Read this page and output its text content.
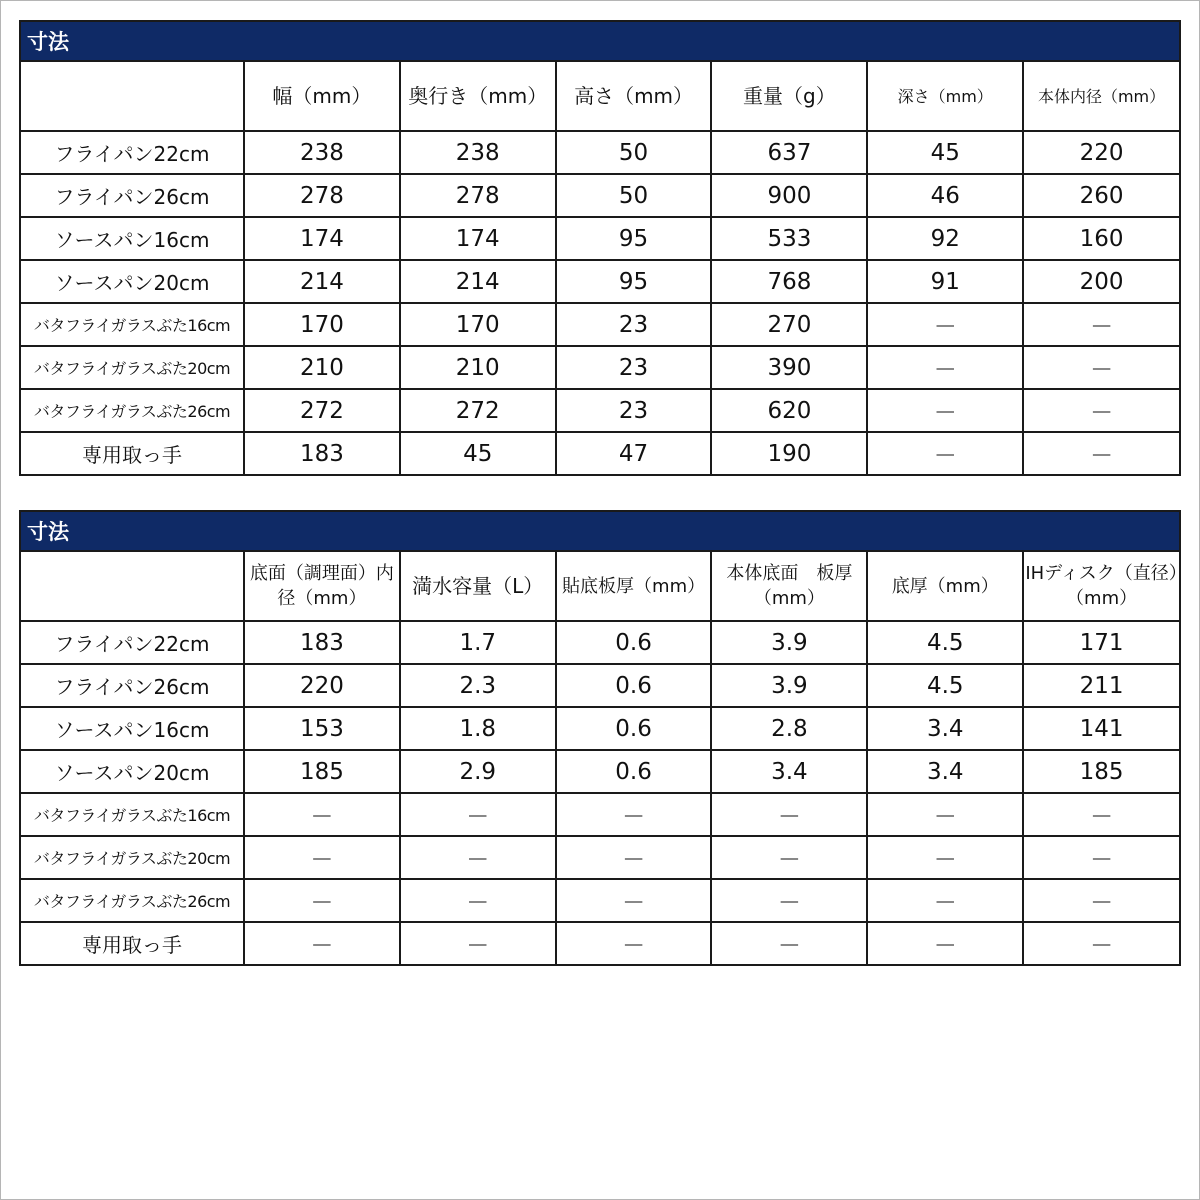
寸法
	幅（mm）	奥行き（mm）	高さ（mm）	重量（g）	深さ（mm）	本体内径（mm）
フライパン22cm	238	238	50	637	45	220
フライパン26cm	278	278	50	900	46	260
ソースパン16cm	174	174	95	533	92	160
ソースパン20cm	214	214	95	768	91	200
バタフライガラスぶた16cm	170	170	23	270	－	－
バタフライガラスぶた20cm	210	210	23	390	－	－
バタフライガラスぶた26cm	272	272	23	620	－	－
専用取っ手	183	45	47	190	－	－
寸法
	底面（調理面）内径（mm）	満水容量（L）	貼底板厚（mm）	本体底面　板厚（mm）	底厚（mm）	IHディスク（直径）（mm）
フライパン22cm	183	1.7	0.6	3.9	4.5	171
フライパン26cm	220	2.3	0.6	3.9	4.5	211
ソースパン16cm	153	1.8	0.6	2.8	3.4	141
ソースパン20cm	185	2.9	0.6	3.4	3.4	185
バタフライガラスぶた16cm	－	－	－	－	－	－
バタフライガラスぶた20cm	－	－	－	－	－	－
バタフライガラスぶた26cm	－	－	－	－	－	－
専用取っ手	－	－	－	－	－	－
